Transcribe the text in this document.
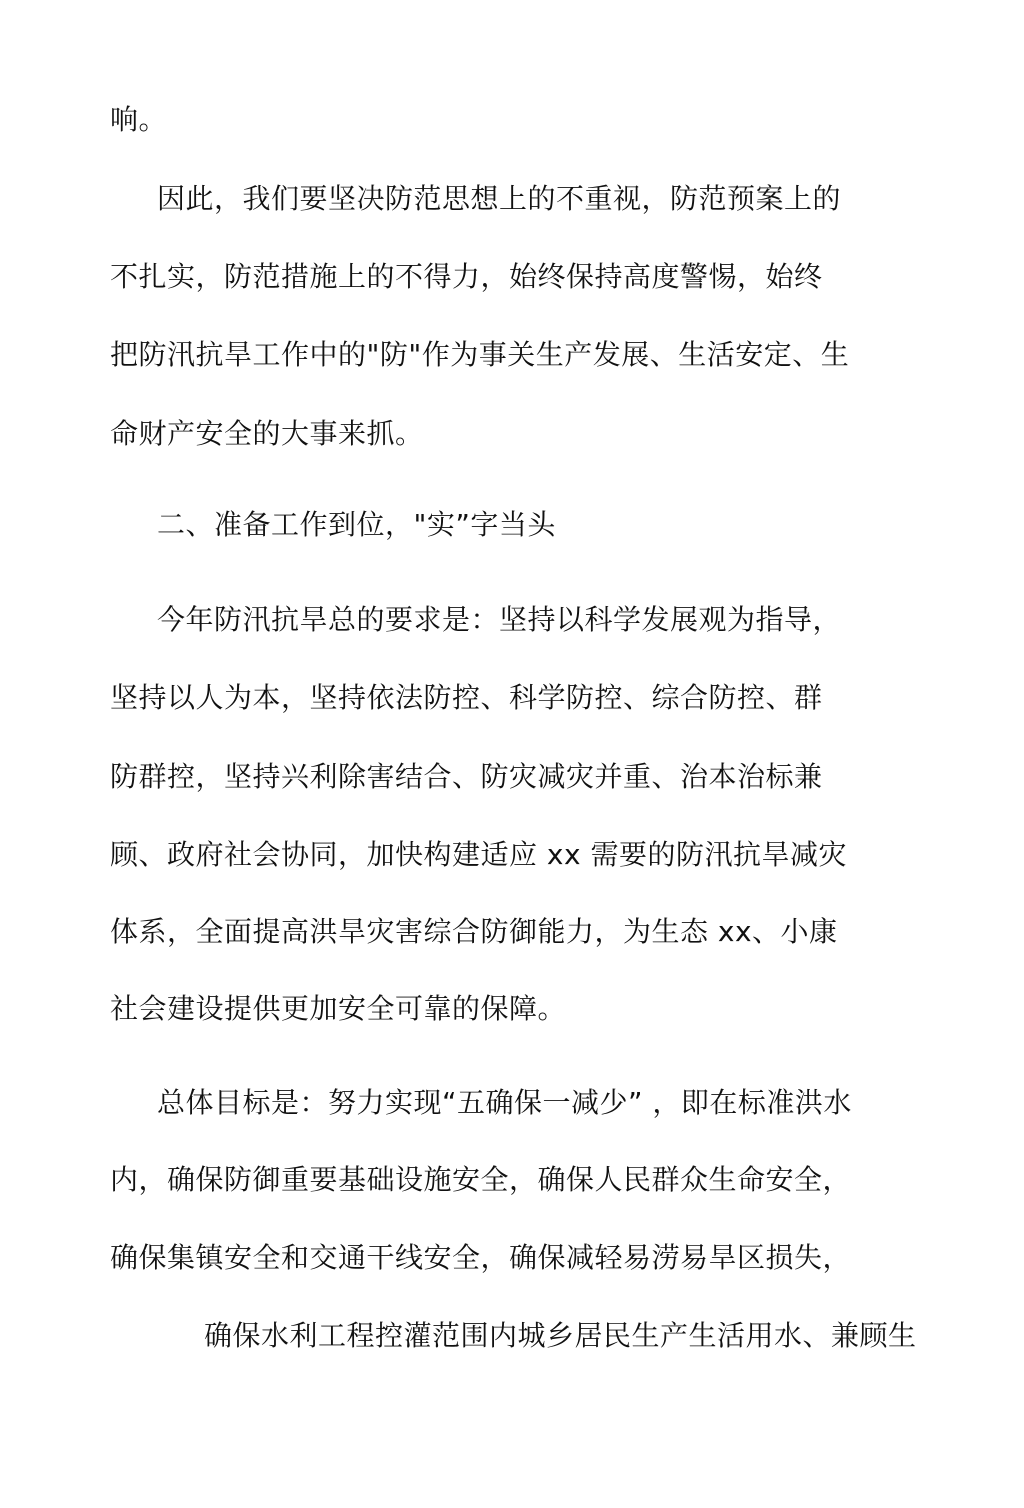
响。
因此，我们要坚决防范思想上的不重视，防范预案上的
不扎实，防范措施上的不得力，始终保持高度警惕，始终
把防汛抗旱工作中的"防"作为事关生产发展、生活安定、生
命财产安全的大事来抓。
二、准备工作到位，"实”字当头
今年防汛抗旱总的要求是：坚持以科学发展观为指导，
坚持以人为本，坚持依法防控、科学防控、综合防控、群
防群控，坚持兴利除害结合、防灾减灾并重、治本治标兼
顾、政府社会协同，加快构建适应 xx 需要的防汛抗旱减灾
体系，全面提高洪旱灾害综合防御能力，为生态 xx、小康
社会建设提供更加安全可靠的保障。
总体目标是：努力实现“五确保一减少” ，即在标准洪水
内，确保防御重要基础设施安全，确保人民群众生命安全，
确保集镇安全和交通干线安全，确保减轻易涝易旱区损失，
确保水利工程控灌范围内城乡居民生产生活用水、兼顾生
